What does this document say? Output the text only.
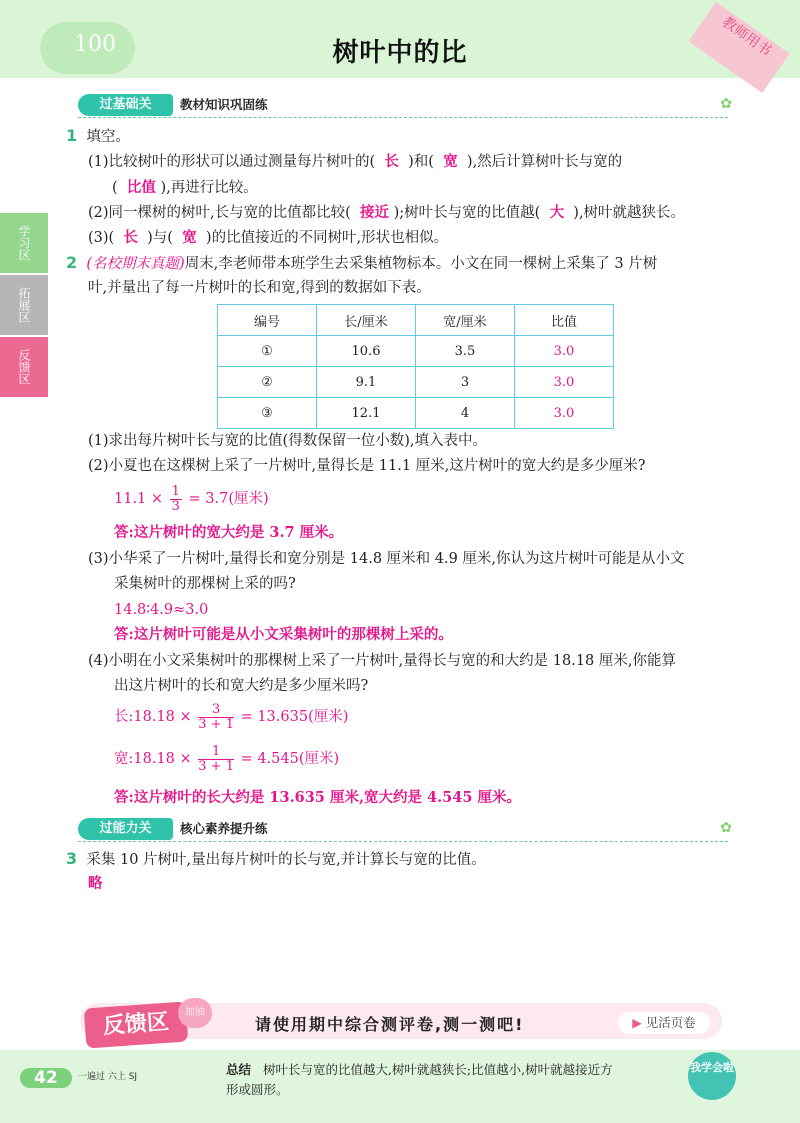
100	树叶中的比	教师用书
学习区
拓展区
反馈区
过基础关	教材知识巩固练	✿
1 填空。
(1)比较树叶的形状可以通过测量每片树叶的( 长 )和( 宽 ),然后计算树叶长与宽的
( 比值 ),再进行比较。
(2)同一棵树的树叶,长与宽的比值都比较( 接近 );树叶长与宽的比值越( 大 ),树叶就越狭长。
(3)( 长 )与( 宽 )的比值接近的不同树叶,形状也相似。
2 (名校期末真题)周末,李老师带本班学生去采集植物标本。小文在同一棵树上采集了 3 片树
叶,并量出了每一片树叶的长和宽,得到的数据如下表。
编号	长/厘米	宽/厘米	比值
①	10.6	3.5	3.0
②	9.1	3	3.0
③	12.1	4	3.0
(1)求出每片树叶长与宽的比值(得数保留一位小数),填入表中。
(2)小夏也在这棵树上采了一片树叶,量得长是 11.1 厘米,这片树叶的宽大约是多少厘米?
$11.1 \times \frac{1}{3} = 3.7$(厘米)
答:这片树叶的宽大约是 3.7 厘米。
(3)小华采了一片树叶,量得长和宽分别是 14.8 厘米和 4.9 厘米,你认为这片树叶可能是从小文
采集树叶的那棵树上采的吗?
14.8∶4.9≈3.0
答:这片树叶可能是从小文采集树叶的那棵树上采的。
(4)小明在小文采集树叶的那棵树上采了一片树叶,量得长与宽的和大约是 18.18 厘米,你能算
出这片树叶的长和宽大约是多少厘米吗?
长:18.18 × $\frac{3}{3 + 1} = 13.635$(厘米)
宽:18.18 × $\frac{1}{3 + 1} = 4.545$(厘米)
答:这片树叶的长大约是 13.635 厘米,宽大约是 4.545 厘米。
过能力关	核心素养提升练	✿
3 采集 10 片树叶,量出每片树叶的长与宽,并计算长与宽的比值。
略
反馈区	加油
请使用期中综合测评卷,测一测吧!	▶ 见活页卷
42	一遍过 六上 SJ	总结 树叶长与宽的比值越大,树叶就越狭长;比值越小,树叶就越接近方
形或圆形。
我学会啦
